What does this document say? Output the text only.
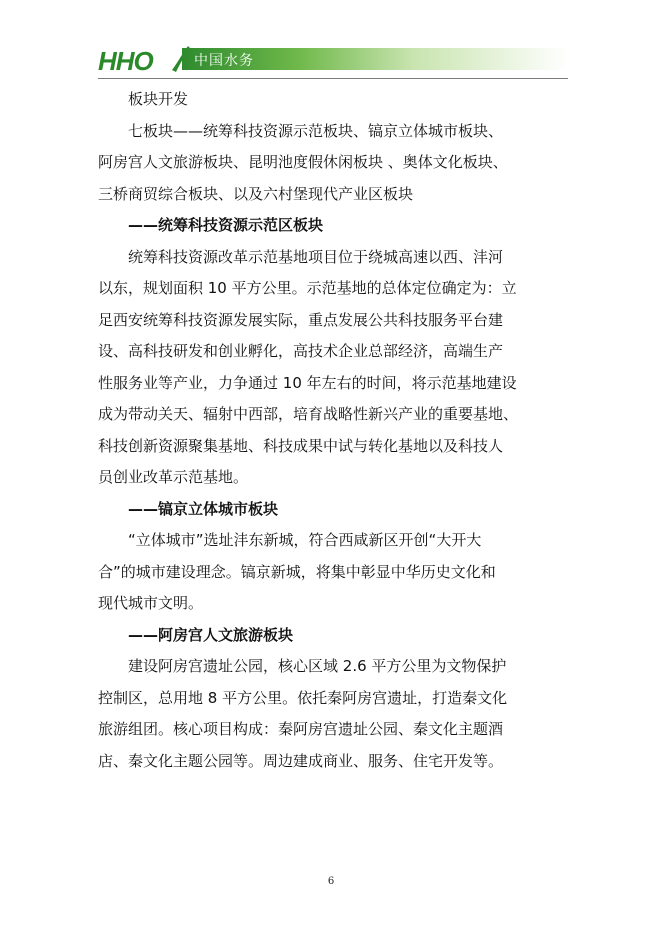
HHO	中国水务

板块开发

七板块——统筹科技资源示范板块、镐京立体城市板块、

阿房宫人文旅游板块、昆明池度假休闲板块 、奥体文化板块、

三桥商贸综合板块、以及六村堡现代产业区板块

——统筹科技资源示范区板块

统筹科技资源改革示范基地项目位于绕城高速以西、沣河

以东，规划面积 10 平方公里。示范基地的总体定位确定为：立

足西安统筹科技资源发展实际，重点发展公共科技服务平台建

设、高科技研发和创业孵化，高技术企业总部经济，高端生产

性服务业等产业，力争通过 10 年左右的时间，将示范基地建设

成为带动关天、辐射中西部，培育战略性新兴产业的重要基地、

科技创新资源聚集基地、科技成果中试与转化基地以及科技人

员创业改革示范基地。

——镐京立体城市板块

“立体城市”选址沣东新城，符合西咸新区开创“大开大

合”的城市建设理念。镐京新城，将集中彰显中华历史文化和

现代城市文明。

——阿房宫人文旅游板块

建设阿房宫遗址公园，核心区域 2.6 平方公里为文物保护

控制区，总用地 8 平方公里。依托秦阿房宫遗址，打造秦文化

旅游组团。核心项目构成：秦阿房宫遗址公园、秦文化主题酒

店、秦文化主题公园等。周边建成商业、服务、住宅开发等。

6
